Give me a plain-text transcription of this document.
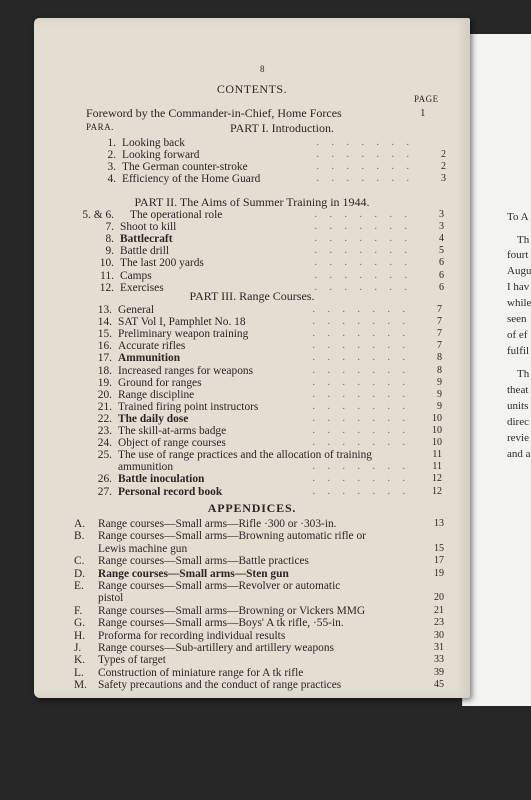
To A
Th
fourt
Augu
I hav
while
seen
of ef
fulfil
Th
theat
units
direc
revie
and a
8
CONTENTS.
PAGE
Foreword by the Commander-in-Chief, Home Forces	1
PARA.	PART I. Introduction.
1. Looking back	. . . . . . .
2. Looking forward	. . . . . . .	2
3. The German counter-stroke	. . . . . . .	2
4. Efficiency of the Home Guard	. . . . . . .	3
PART II. The Aims of Summer Training in 1944.
5. & 6. The operational role	. . . . . . .	3
7. Shoot to kill	. . . . . . .	3
8. Battlecraft	. . . . . . .	4
9. Battle drill	. . . . . . .	5
10. The last 200 yards	. . . . . . .	6
11. Camps	. . . . . . .	6
12. Exercises	. . . . . . .	6
PART III. Range Courses.
13. General	. . . . . . .	7
14. SAT Vol I, Pamphlet No. 18	. . . . . . .	7
15. Preliminary weapon training	. . . . . . .	7
16. Accurate rifles	. . . . . . .	7
17. Ammunition	. . . . . . .	8
18. Increased ranges for weapons	. . . . . . .	8
19. Ground for ranges	. . . . . . .	9
20. Range discipline	. . . . . . .	9
21. Trained firing point instructors	. . . . . . .	9
22. The daily dose	. . . . . . . 10
23. The skill-at-arms badge	. . . . . . . 10
24. Object of range courses	. . . . . . . 10
25. The use of range practices and the allocation of training	11
ammunition	. . . . . . . 11
26. Battle inoculation	. . . . . . . 12
27. Personal record book	. . . . . . . 12
APPENDICES.
A. Range courses—Small arms—Rifle ·300 or ·303-in.	13
B.	Range courses—Small arms—Browning automatic rifle or
Lewis machine gun	15
C.	Range courses—Small arms—Battle practices	17
D. Range courses—Small arms—Sten gun	19
E.	Range courses—Small arms—Revolver or automatic
pistol	20
F.	Range courses—Small arms—Browning or Vickers MMG	21
G. Range courses—Small arms—Boys' A tk rifle, ·55-in.	23
H. Proforma for recording individual results	30
J.	Range courses—Sub-artillery and artillery weapons	31
K. Types of target	33
L.	Construction of miniature range for A tk rifle	39
M. Safety precautions and the conduct of range practices	45
